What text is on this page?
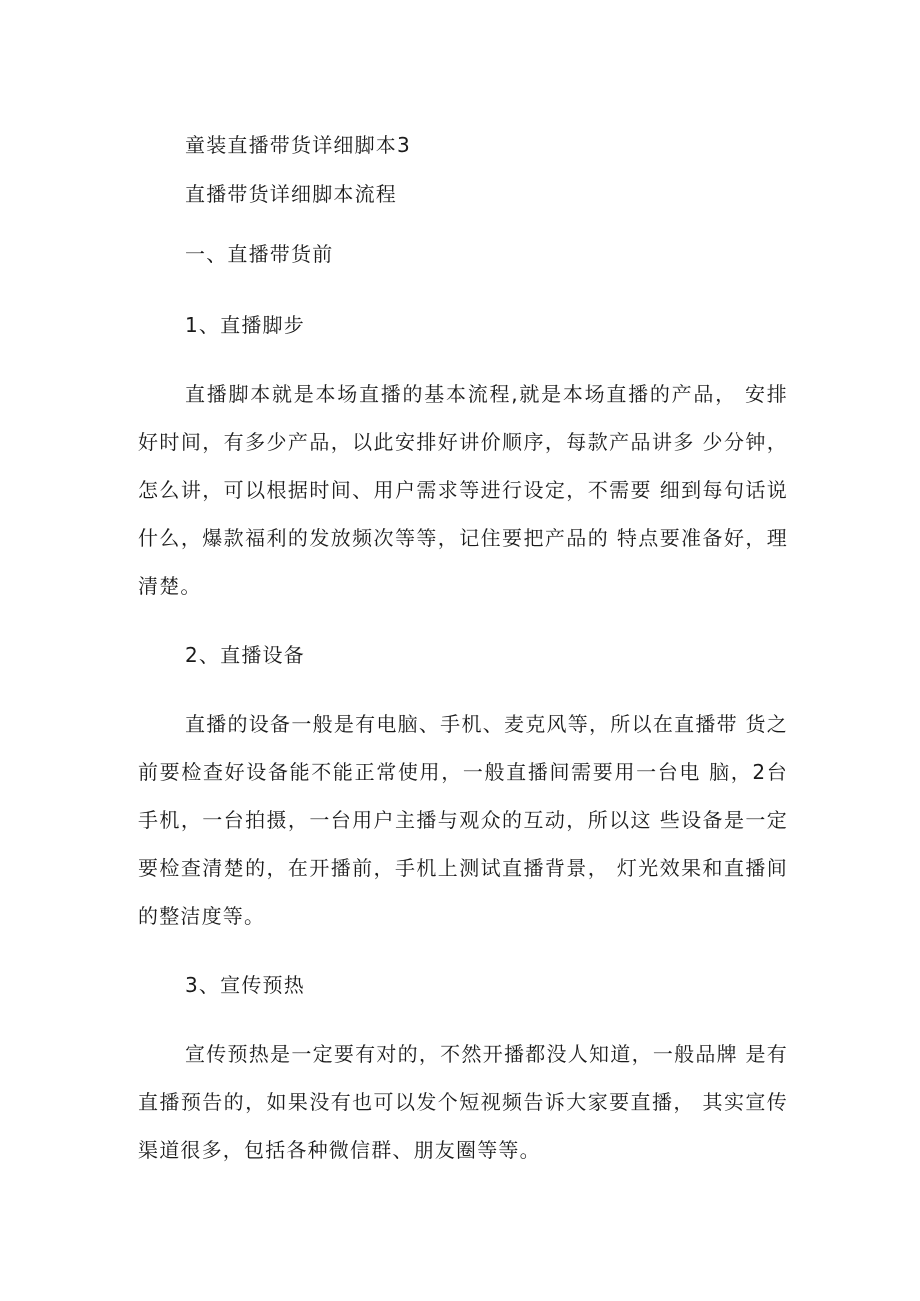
童装直播带货详细脚本3
直播带货详细脚本流程
一、直播带货前
1、直播脚步
直播脚本就是本场直播的基本流程,就是本场直播的产品， 安排
好时间，有多少产品，以此安排好讲价顺序，每款产品讲多 少分钟，
怎么讲，可以根据时间、用户需求等进行设定，不需要 细到每句话说
什么，爆款福利的发放频次等等，记住要把产品的 特点要准备好，理
清楚。
2、直播设备
直播的设备一般是有电脑、手机、麦克风等，所以在直播带 货之
前要检查好设备能不能正常使用，一般直播间需要用一台电 脑，2台
手机，一台拍摄，一台用户主播与观众的互动，所以这 些设备是一定
要检查清楚的，在开播前，手机上测试直播背景， 灯光效果和直播间
的整洁度等。
3、宣传预热
宣传预热是一定要有对的，不然开播都没人知道，一般品牌 是有
直播预告的，如果没有也可以发个短视频告诉大家要直播， 其实宣传
渠道很多，包括各种微信群、朋友圈等等。
